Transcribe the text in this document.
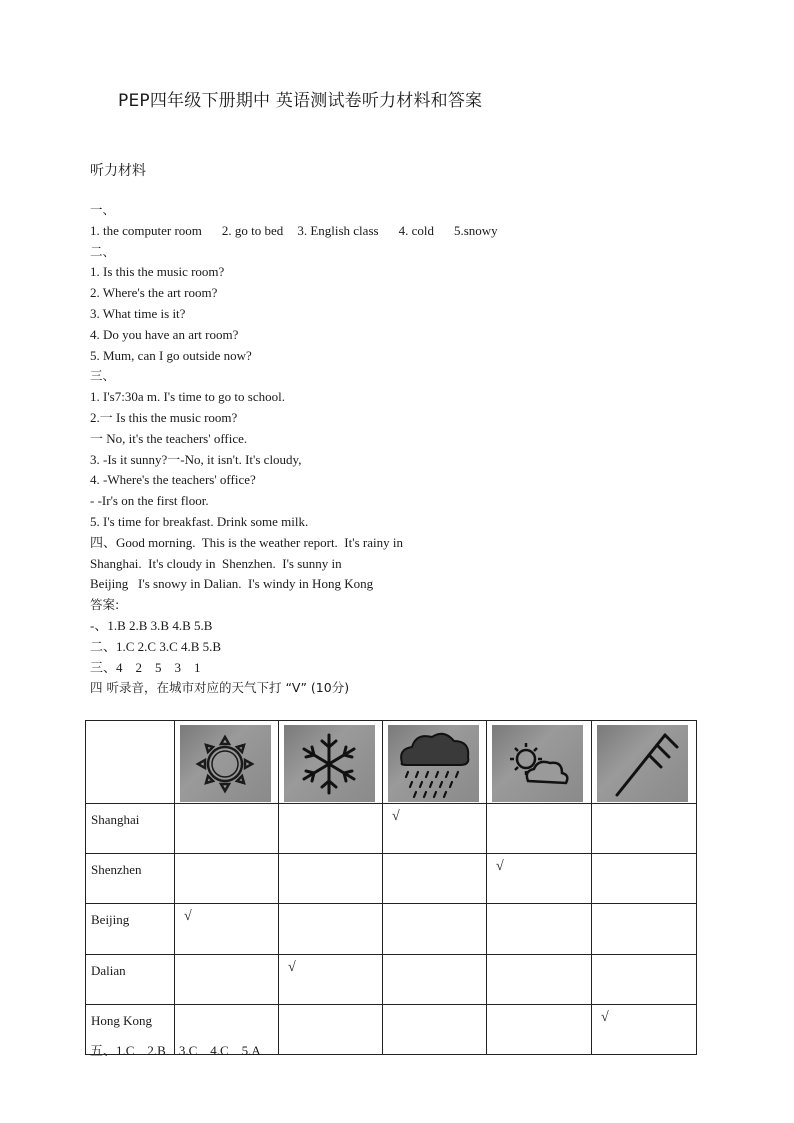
PEP四年级下册期中 英语测试卷听力材料和答案
听力材料
一、
1. the computer room 2. go to bed 3. English class 4. cold 5.snowy
二、
1. Is this the music room?
2. Where's the art room?
3. What time is it?
4. Do you have an art room?
5. Mum, can I go outside now?
三、
1. I's7:30a m. I's time to go to school.
2.一 Is this the music room?
一 No, it's the teachers' office.
3. -Is it sunny?一-No, it isn't. It's cloudy,
4. -Where's the teachers' office?
- -Ir's on the first floor.
5. I's time for breakfast. Drink some milk.
四、Good morning.  This is the weather report.  It's rainy in
Shanghai.  It's cloudy in  Shenzhen.  I's sunny in
Beijing   I's snowy in Dalian.  I's windy in Hong Kong
答案:
-、1.B 2.B 3.B 4.B 5.B
二、1.C 2.C 3.C 4.B 5.B
三、4    2    5    3    1
四 听录音，在城市对应的天气下打 “V” (10分)

Shanghai			√		

Shenzhen				√	

Beijing	√				

Dalian		√			

Hong Kong					√
五、1.C    2.B    3.C    4.C    5.A
